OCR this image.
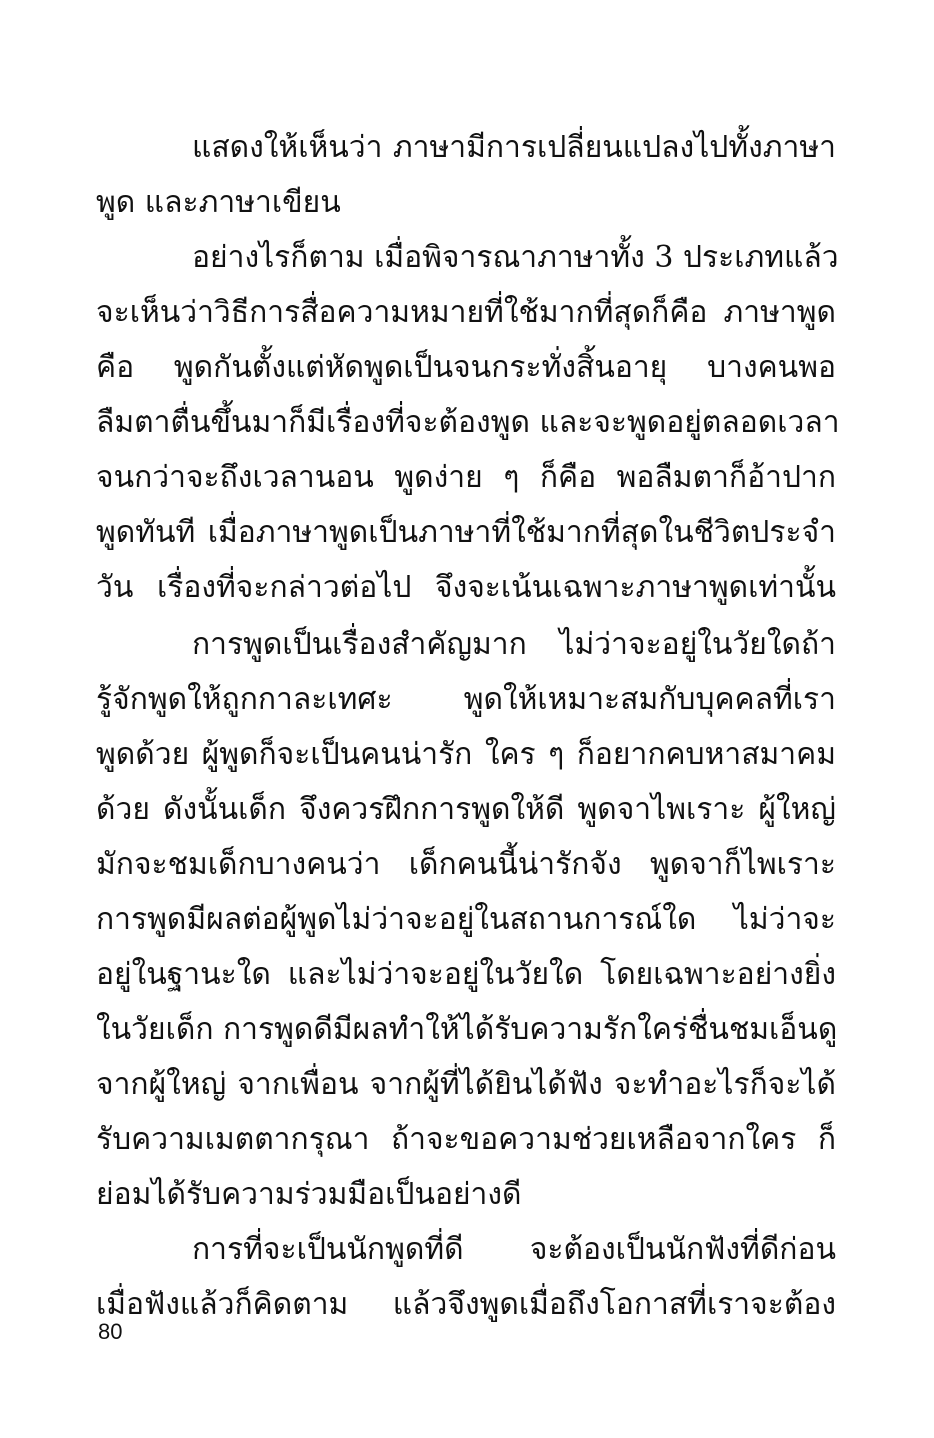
แสดงให้เห็นว่า ภาษามีการเปลี่ยนแปลงไปทั้งภาษา
พูด และภาษาเขียน
อย่างไรก็ตาม เมื่อพิจารณาภาษาทั้ง 3 ประเภทแล้ว
จะเห็นว่าวิธีการสื่อความหมายที่ใช้มากที่สุดก็คือ ภาษาพูด
คือ พูดกันตั้งแต่หัดพูดเป็นจนกระทั่งสิ้นอายุ บางคนพอ
ลืมตาตื่นขึ้นมาก็มีเรื่องที่จะต้องพูด และจะพูดอยู่ตลอดเวลา
จนกว่าจะถึงเวลานอน พูดง่าย ๆ ก็คือ พอลืมตาก็อ้าปาก
พูดทันที เมื่อภาษาพูดเป็นภาษาที่ใช้มากที่สุดในชีวิตประจำ
วัน เรื่องที่จะกล่าวต่อไป จึงจะเน้นเฉพาะภาษาพูดเท่านั้น
การพูดเป็นเรื่องสำคัญมาก ไม่ว่าจะอยู่ในวัยใดถ้า
รู้จักพูดให้ถูกกาละเทศะ พูดให้เหมาะสมกับบุคคลที่เรา
พูดด้วย ผู้พูดก็จะเป็นคนน่ารัก ใคร ๆ ก็อยากคบหาสมาคม
ด้วย ดังนั้นเด็ก จึงควรฝึกการพูดให้ดี พูดจาไพเราะ ผู้ใหญ่
มักจะชมเด็กบางคนว่า เด็กคนนี้น่ารักจัง พูดจาก็ไพเราะ
การพูดมีผลต่อผู้พูดไม่ว่าจะอยู่ในสถานการณ์ใด ไม่ว่าจะ
อยู่ในฐานะใด และไม่ว่าจะอยู่ในวัยใด โดยเฉพาะอย่างยิ่ง
ในวัยเด็ก การพูดดีมีผลทำให้ได้รับความรักใคร่ชื่นชมเอ็นดู
จากผู้ใหญ่ จากเพื่อน จากผู้ที่ได้ยินได้ฟัง จะทำอะไรก็จะได้
รับความเมตตากรุณา ถ้าจะขอความช่วยเหลือจากใคร ก็
ย่อมได้รับความร่วมมือเป็นอย่างดี
การที่จะเป็นนักพูดที่ดี จะต้องเป็นนักฟังที่ดีก่อน
เมื่อฟังแล้วก็คิดตาม แล้วจึงพูดเมื่อถึงโอกาสที่เราจะต้อง
80
